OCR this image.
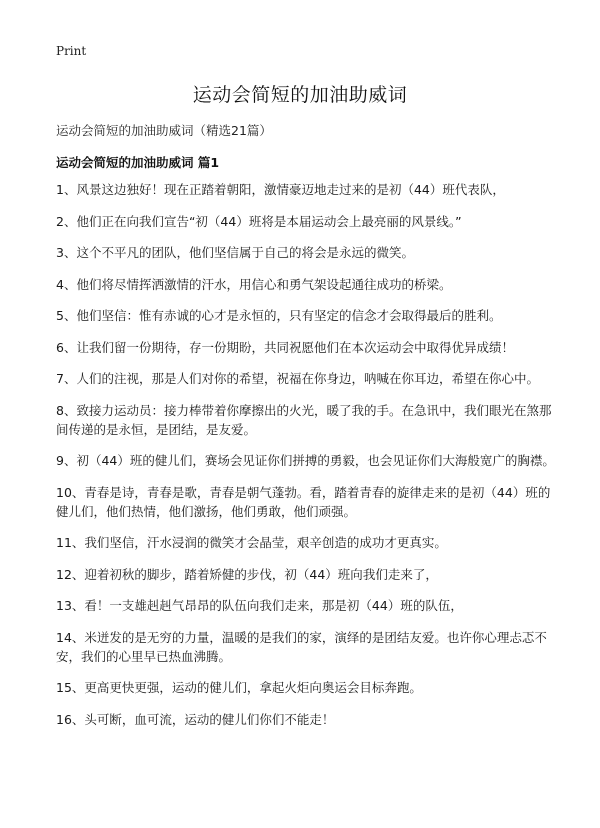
Print
运动会简短的加油助威词
运动会简短的加油助威词（精选21篇）
运动会简短的加油助威词 篇1

1、风景这边独好！现在正踏着朝阳，激情豪迈地走过来的是初（44）班代表队，

2、他们正在向我们宣告“初（44）班将是本届运动会上最亮丽的风景线。”

3、这个不平凡的团队，他们坚信属于自己的将会是永远的微笑。

4、他们将尽情挥洒激情的汗水，用信心和勇气架设起通往成功的桥梁。

5、他们坚信：惟有赤诚的心才是永恒的，只有坚定的信念才会取得最后的胜利。

6、让我们留一份期待，存一份期盼，共同祝愿他们在本次运动会中取得优异成绩！

7、人们的注视，那是人们对你的希望，祝福在你身边，呐喊在你耳边，希望在你心中。

8、致接力运动员：接力棒带着你摩擦出的火光，暖了我的手。在急讯中，我们眼光在煞那间传递的是永恒，是团结，是友爱。

9、初（44）班的健儿们，赛场会见证你们拼搏的勇毅，也会见证你们大海般宽广的胸襟。

10、青春是诗，青春是歌，青春是朝气蓬勃。看，踏着青春的旋律走来的是初（44）班的健儿们，他们热情，他们激扬，他们勇敢，他们顽强。

11、我们坚信，汗水浸润的微笑才会晶莹，艰辛创造的成功才更真实。

12、迎着初秋的脚步，踏着矫健的步伐，初（44）班向我们走来了，

13、看！一支雄赳赳气昂昂的队伍向我们走来，那是初（44）班的队伍，

14、米迸发的是无穷的力量，温暖的是我们的家，演绎的是团结友爱。也许你心理忐忑不安，我们的心里早已热血沸腾。

15、更高更快更强，运动的健儿们，拿起火炬向奥运会目标奔跑。

16、头可断，血可流，运动的健儿们你们不能走！
